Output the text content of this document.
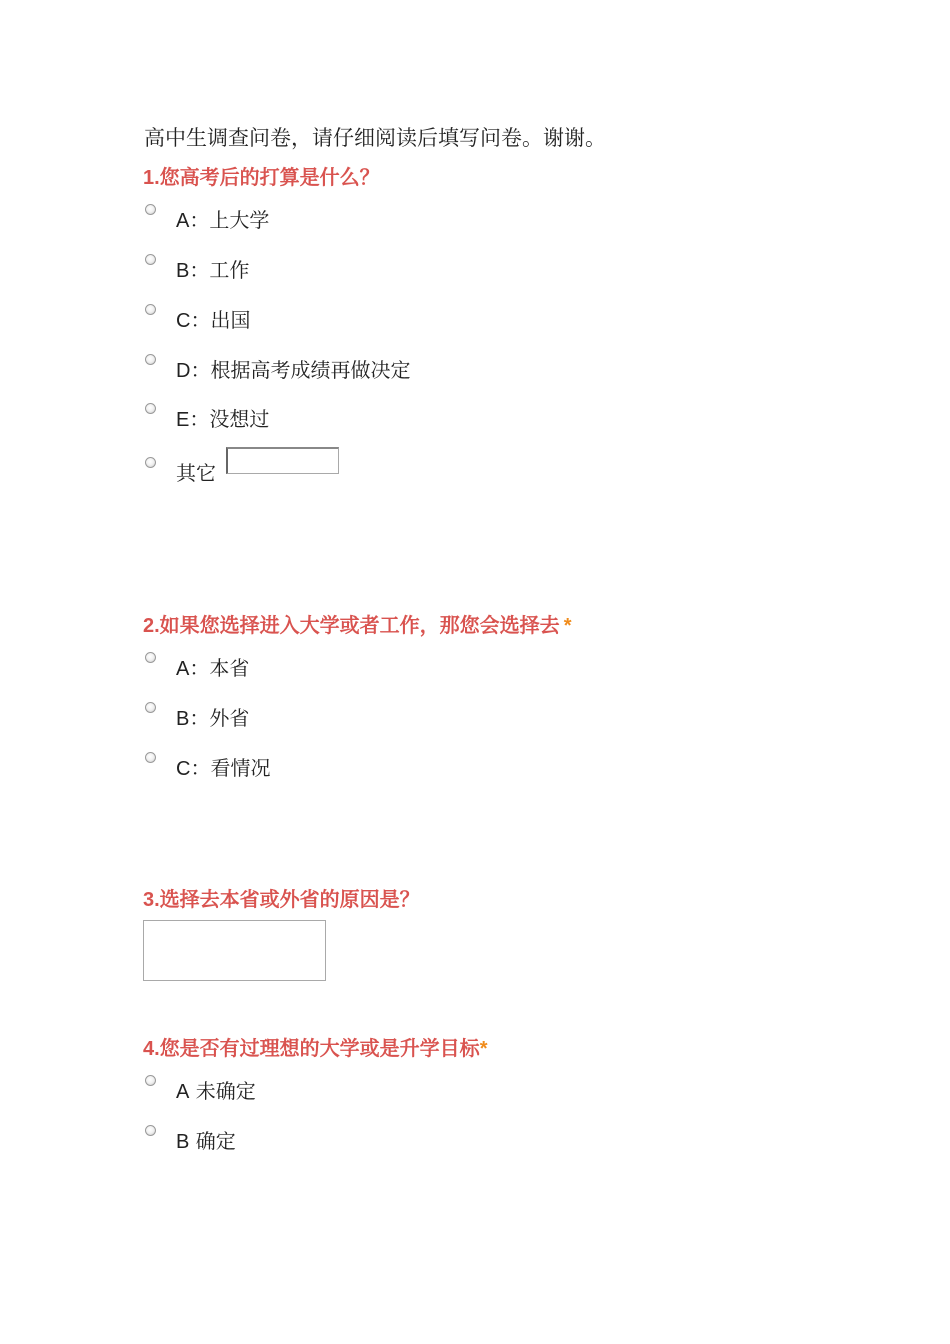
高中生调查问卷，请仔细阅读后填写问卷。谢谢。
1.您高考后的打算是什么？
A：上大学
B：工作
C：出国
D：根据高考成绩再做决定
E：没想过
其它
2.如果您选择进入大学或者工作，那您会选择去 *
A：本省
B：外省
C：看情况
3.选择去本省或外省的原因是？
4.您是否有过理想的大学或是升学目标*
A 未确定
B 确定
